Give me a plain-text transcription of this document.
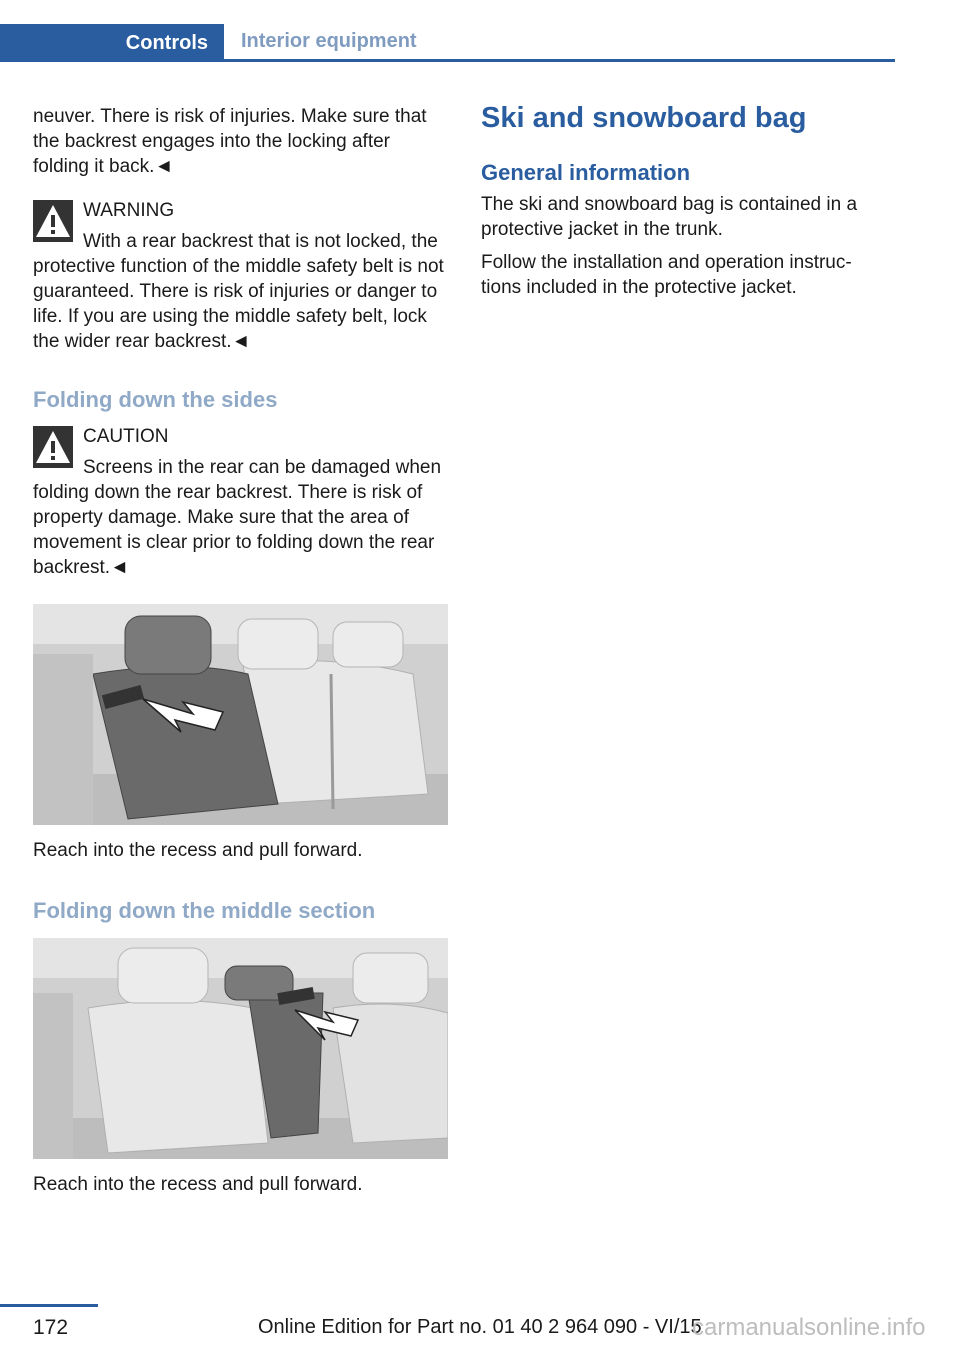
Controls	Interior equipment
neuver. There is risk of injuries. Make sure that the backrest engages into the locking after folding it back.◄
WARNING
With a rear backrest that is not locked, the protective function of the middle safety belt is not guaranteed. There is risk of injuries or danger to life. If you are using the middle safety belt, lock the wider rear backrest.◄
Folding down the sides
CAUTION
Screens in the rear can be damaged when folding down the rear backrest. There is risk of property damage. Make sure that the area of movement is clear prior to folding down the rear backrest.◄
Reach into the recess and pull forward.
Folding down the middle section
Reach into the recess and pull forward.
Ski and snowboard bag
General information
The ski and snowboard bag is contained in a protective jacket in the trunk.
Follow the installation and operation instructions included in the protective jacket.
172	Online Edition for Part no. 01 40 2 964 090 - VI/15
carmanualsonline.info
